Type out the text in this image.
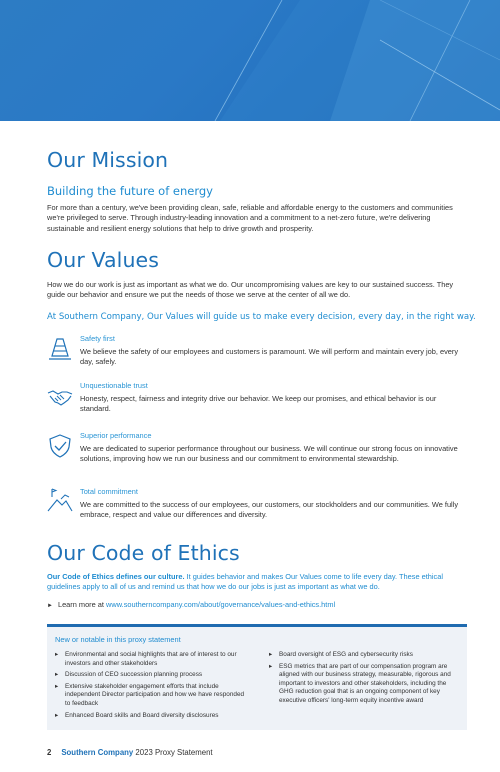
Our Mission
Building the future of energy

For more than a century, we've been providing clean, safe, reliable and affordable energy to the customers and communities we're privileged to serve. Through industry-leading innovation and a commitment to a net-zero future, we're delivering sustainable and resilient energy solutions that help to drive growth and prosperity.

Our Values

How we do our work is just as important as what we do. Our uncompromising values are key to our sustained success. They guide our behavior and ensure we put the needs of those we serve at the center of all we do.

At Southern Company, Our Values will guide us to make every decision, every day, in the right way.
Safety first

We believe the safety of our employees and customers is paramount. We will perform and maintain every job, every day, safely.

Unquestionable trust

Honesty, respect, fairness and integrity drive our behavior. We keep our promises, and ethical behavior is our standard.

Superior performance

We are dedicated to superior performance throughout our business. We will continue our strong focus on innovative solutions, improving how we run our business and our commitment to environmental stewardship.

Total commitment

We are committed to the success of our employees, our customers, our stockholders and our communities. We fully embrace, respect and value our differences and diversity.

Our Code of Ethics

Our Code of Ethics defines our culture. It guides behavior and makes Our Values come to life every day. These ethical guidelines apply to all of us and remind us that how we do our jobs is just as important as what we do.

► Learn more at www.southerncompany.com/about/governance/values-and-ethics.html

New or notable in this proxy statement
▸ Environmental and social highlights that are of interest to our investors and other stakeholders
▸ Discussion of CEO succession planning process
▸ Extensive stakeholder engagement efforts that include independent Director participation and how we have responded to feedback
▸ Enhanced Board skills and Board diversity disclosures
▸ Board oversight of ESG and cybersecurity risks
▸ ESG metrics that are part of our compensation program are aligned with our business strategy, measurable, rigorous and important to investors and other stakeholders, including the GHG reduction goal that is an ongoing component of key executive officers' long-term equity incentive award
2 Southern Company 2023 Proxy Statement
